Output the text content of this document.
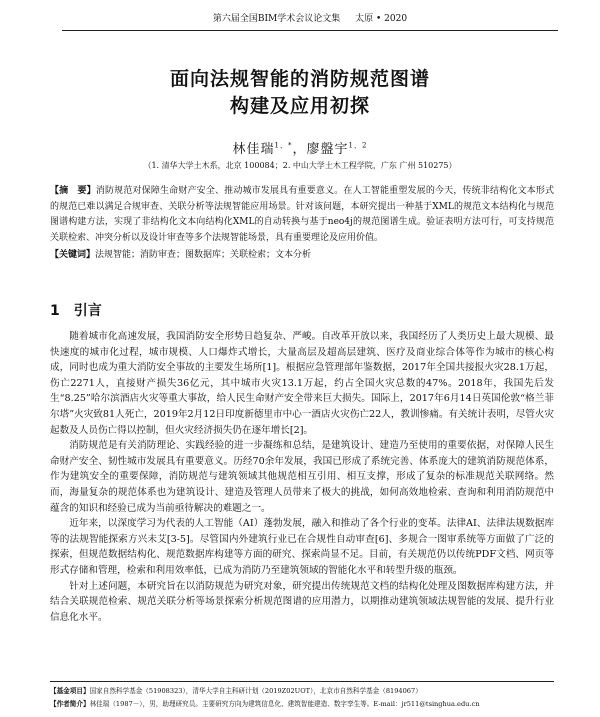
第六届全国BIM学术会议论文集 太原 • 2020
面向法规智能的消防规范图谱
构建及应用初探
林佳瑞$^{1,*}$，廖盤宇$^{1,2}$
（1. 清华大学土木系，北京 100084；2. 中山大学土木工程学院，广东 广州 510275）
【摘　要】消防规范对保障生命财产安全、推动城市发展具有重要意义。在人工智能重塑发展的今天，传统非结构化文本形式的规范已难以满足合规审查、关联分析等法规智能应用场景。针对该问题，本研究提出一种基于XML的规范文本结构化与规范图谱构建方法，实现了非结构化文本向结构化XML的自动转换与基于neo4j的规范图谱生成。验证表明方法可行，可支持规范关联检索、冲突分析以及设计审查等多个法规智能场景，具有重要理论及应用价值。
【关键词】法规智能；消防审查；图数据库；关联检索；文本分析
1 引言

随着城市化高速发展，我国消防安全形势日趋复杂、严峻。自改革开放以来，我国经历了人类历史上最大规模、最快速度的城市化过程，城市规模、人口爆炸式增长，大量高层及超高层建筑、医疗及商业综合体等作为城市的核心构成，同时也成为重大消防安全事故的主要发生场所[1]。根据应急管理部年鉴数据，2017年全国共接报火灾28.1万起，伤亡2271人，直接财产损失36亿元，其中城市火灾13.1万起，约占全国火灾总数的47%。2018年，我国先后发生“8.25”哈尔滨酒店火灾等重大事故，给人民生命财产安全带来巨大损失。国际上，2017年6月14日英国伦敦“格兰菲尔塔”火灾致81人死亡，2019年2月12日印度新德里市中心一酒店火灾伤亡22人，教训惨痛。有关统计表明，尽管火灾起数及人员伤亡得以控制，但火灾经济损失仍在逐年增长[2]。

消防规范是有关消防理论、实践经验的进一步凝练和总结，是建筑设计、建造乃至使用的重要依据，对保障人民生命财产安全、韧性城市发展具有重要意义。历经70余年发展，我国已形成了系统完善、体系庞大的建筑消防规范体系，作为建筑安全的重要保障，消防规范与建筑领域其他规范相互引用、相互支撑，形成了复杂的标准规范关联网络。然而，海量复杂的规范体系也为建筑设计、建造及管理人员带来了极大的挑战，如何高效地检索、查询和利用消防规范中蕴含的知识和经验已成为当前亟待解决的难题之一。

近年来，以深度学习为代表的人工智能（AI）蓬勃发展，融入和推动了各个行业的变革。法律AI、法律法规数据库等的法规智能探索方兴未艾[3-5]。尽管国内外建筑行业已在合规性自动审查[6]、多规合一图审系统等方面做了广泛的探索，但规范数据结构化、规范数据库构建等方面的研究、探索尚显不足。目前，有关规范仍以传统PDF文档、网页等形式存储和管理，检索和利用效率低，已成为消防乃至建筑领域的智能化水平和转型升级的瓶颈。

针对上述问题，本研究旨在以消防规范为研究对象，研究提出传统规范文档的结构化处理及图数据库构建方法，并结合关联规范检索、规范关联分析等场景探索分析规范图谱的应用潜力，以期推动建筑领域法规智能的发展、提升行业信息化水平。

【基金项目】国家自然科学基金（51908323），清华大学自主科研计划（2019Z02UOT），北京市自然科学基金（8194067）
【作者简介】林佳瑞（1987－），男，助理研究员。主要研究方向为建筑信息化、建筑智能建造、数字孪生等。E-mail：jr511@tsinghua.edu.cn
